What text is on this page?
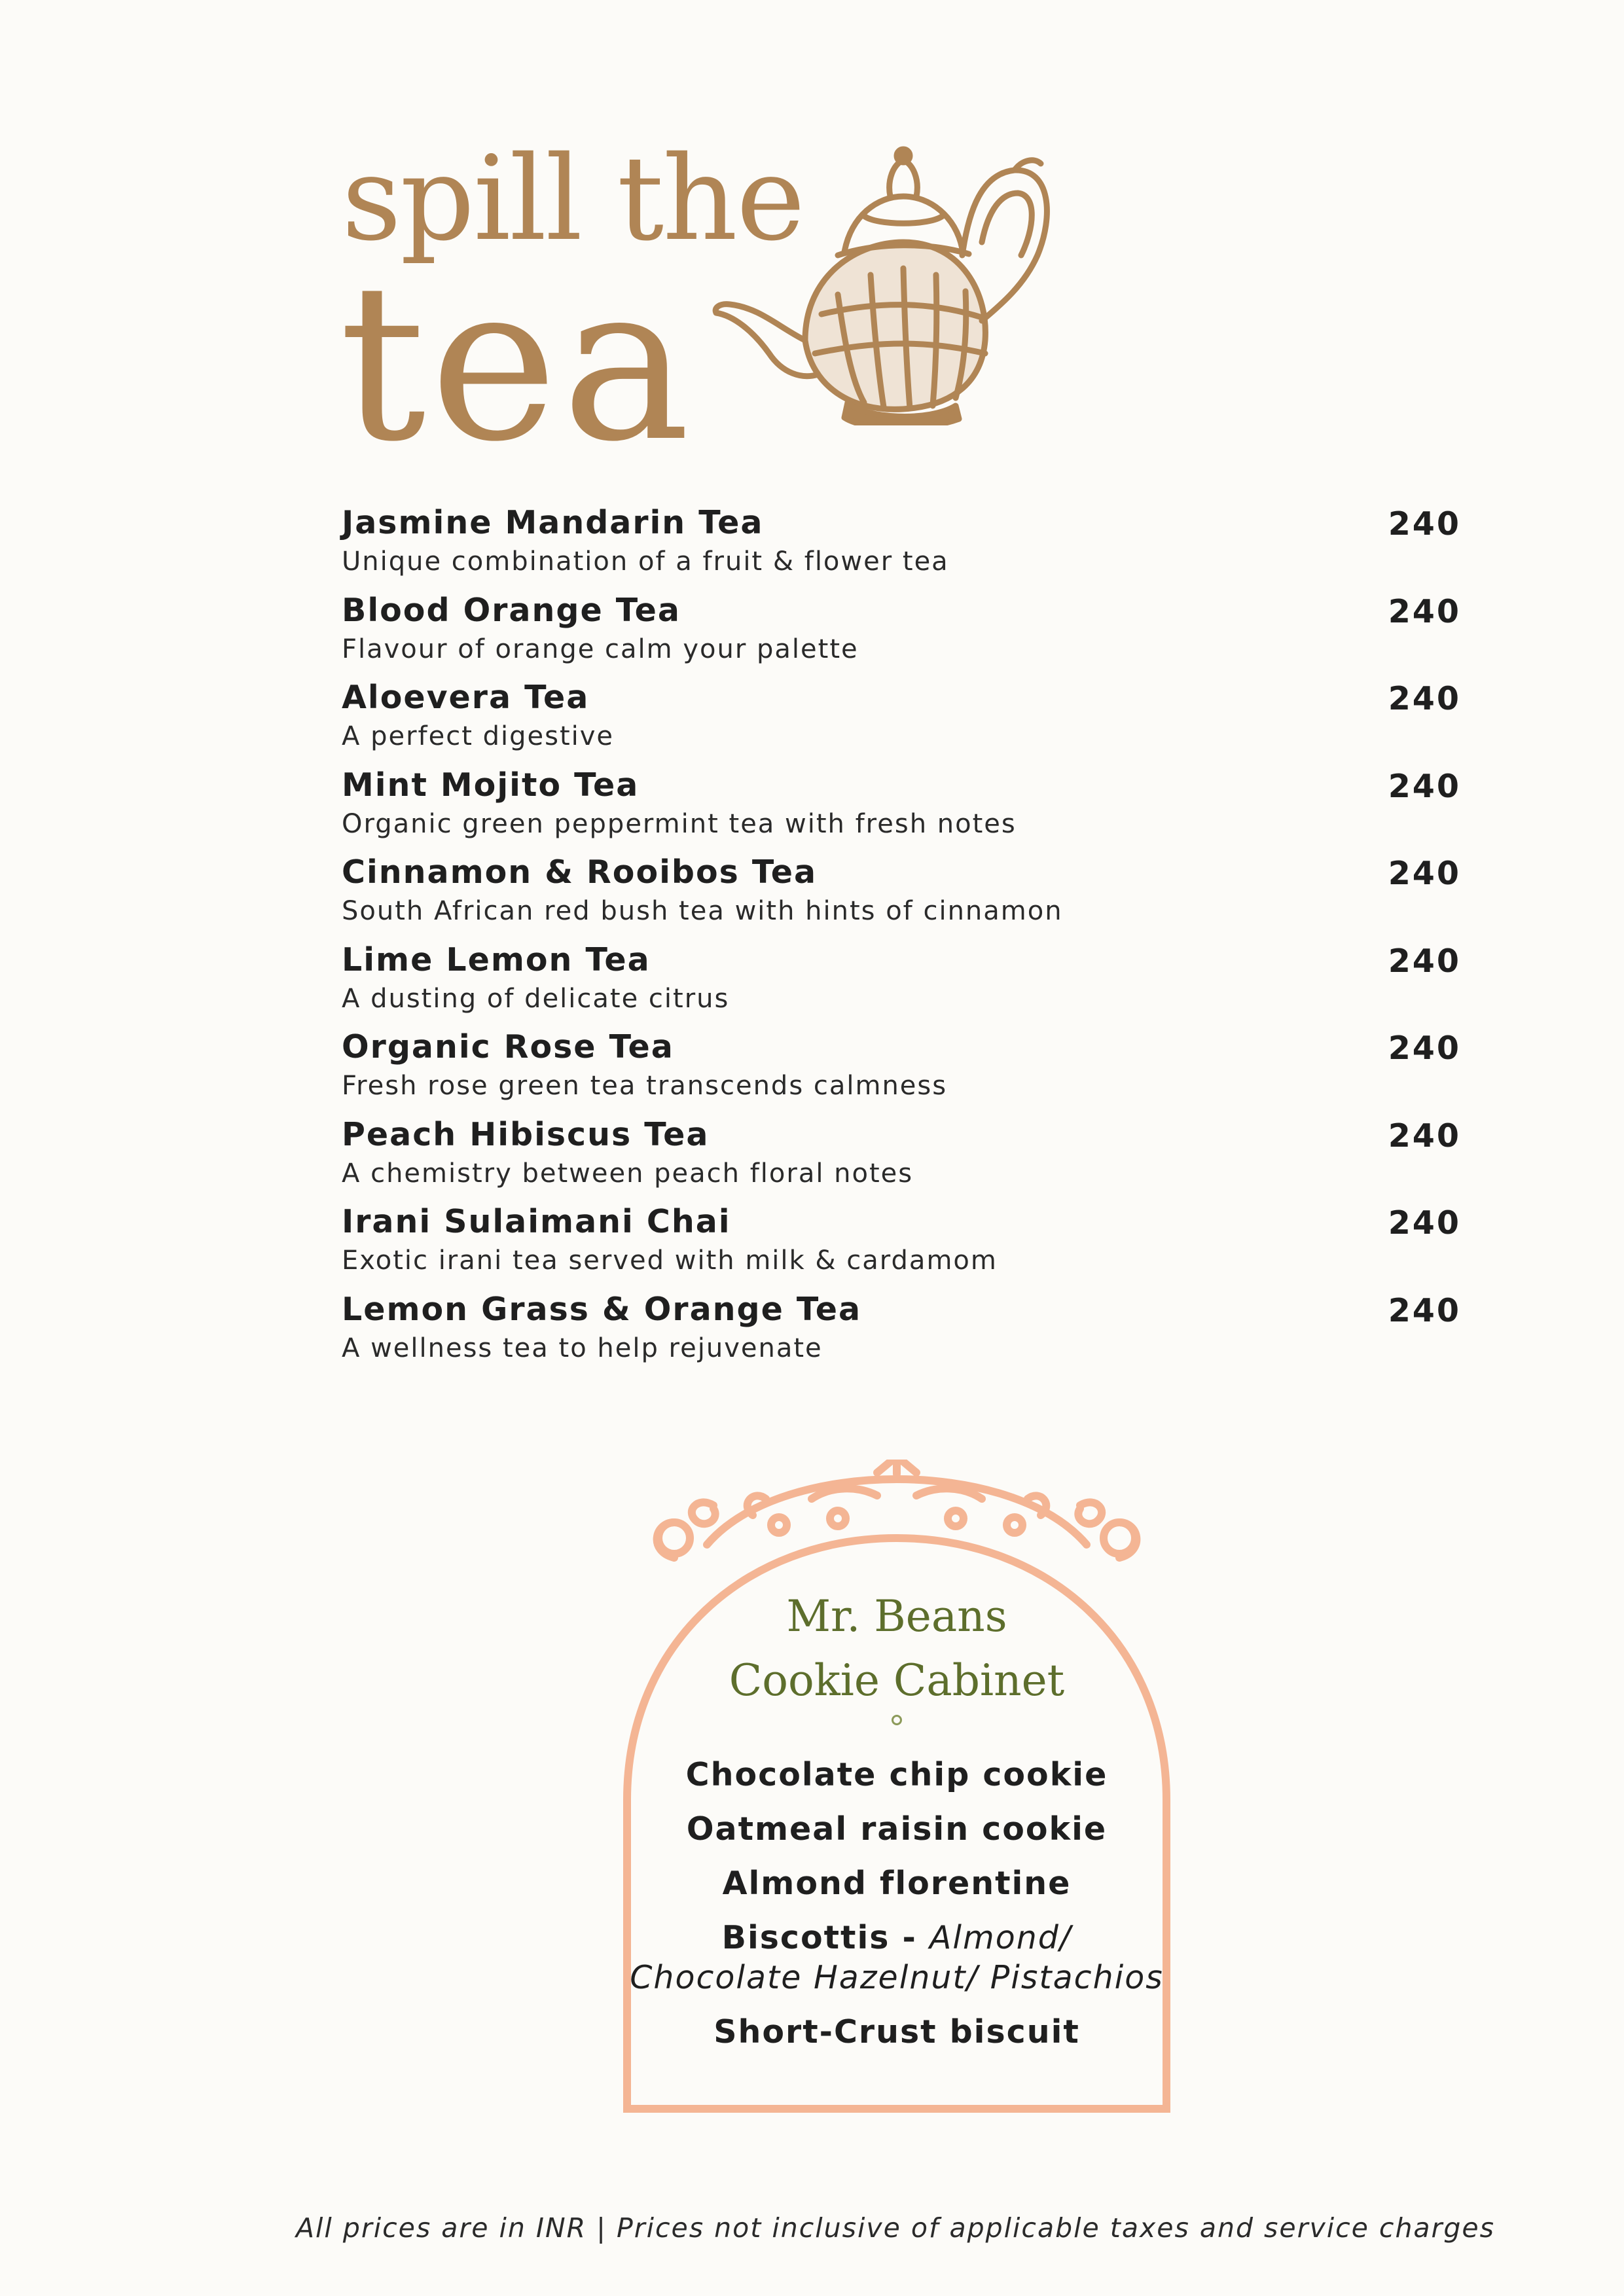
spill the
tea
Jasmine Mandarin Tea
Unique combination of a fruit & flower tea
240
Blood Orange Tea
Flavour of orange calm your palette
240
Aloevera Tea
A perfect digestive
240
Mint Mojito Tea
Organic green peppermint tea with fresh notes
240
Cinnamon & Rooibos Tea
South African red bush tea with hints of cinnamon
240
Lime Lemon Tea
A dusting of delicate citrus
240
Organic Rose Tea
Fresh rose green tea transcends calmness
240
Peach Hibiscus Tea
A chemistry between peach floral notes
240
Irani Sulaimani Chai
Exotic irani tea served with milk & cardamom
240
Lemon Grass & Orange Tea
A wellness tea to help rejuvenate
240
Mr. Beans
Cookie Cabinet
Chocolate chip cookie
Oatmeal raisin cookie
Almond florentine
Biscottis - Almond/
Chocolate Hazelnut/ Pistachios
Short-Crust biscuit
All prices are in INR | Prices not inclusive of applicable taxes and service charges
